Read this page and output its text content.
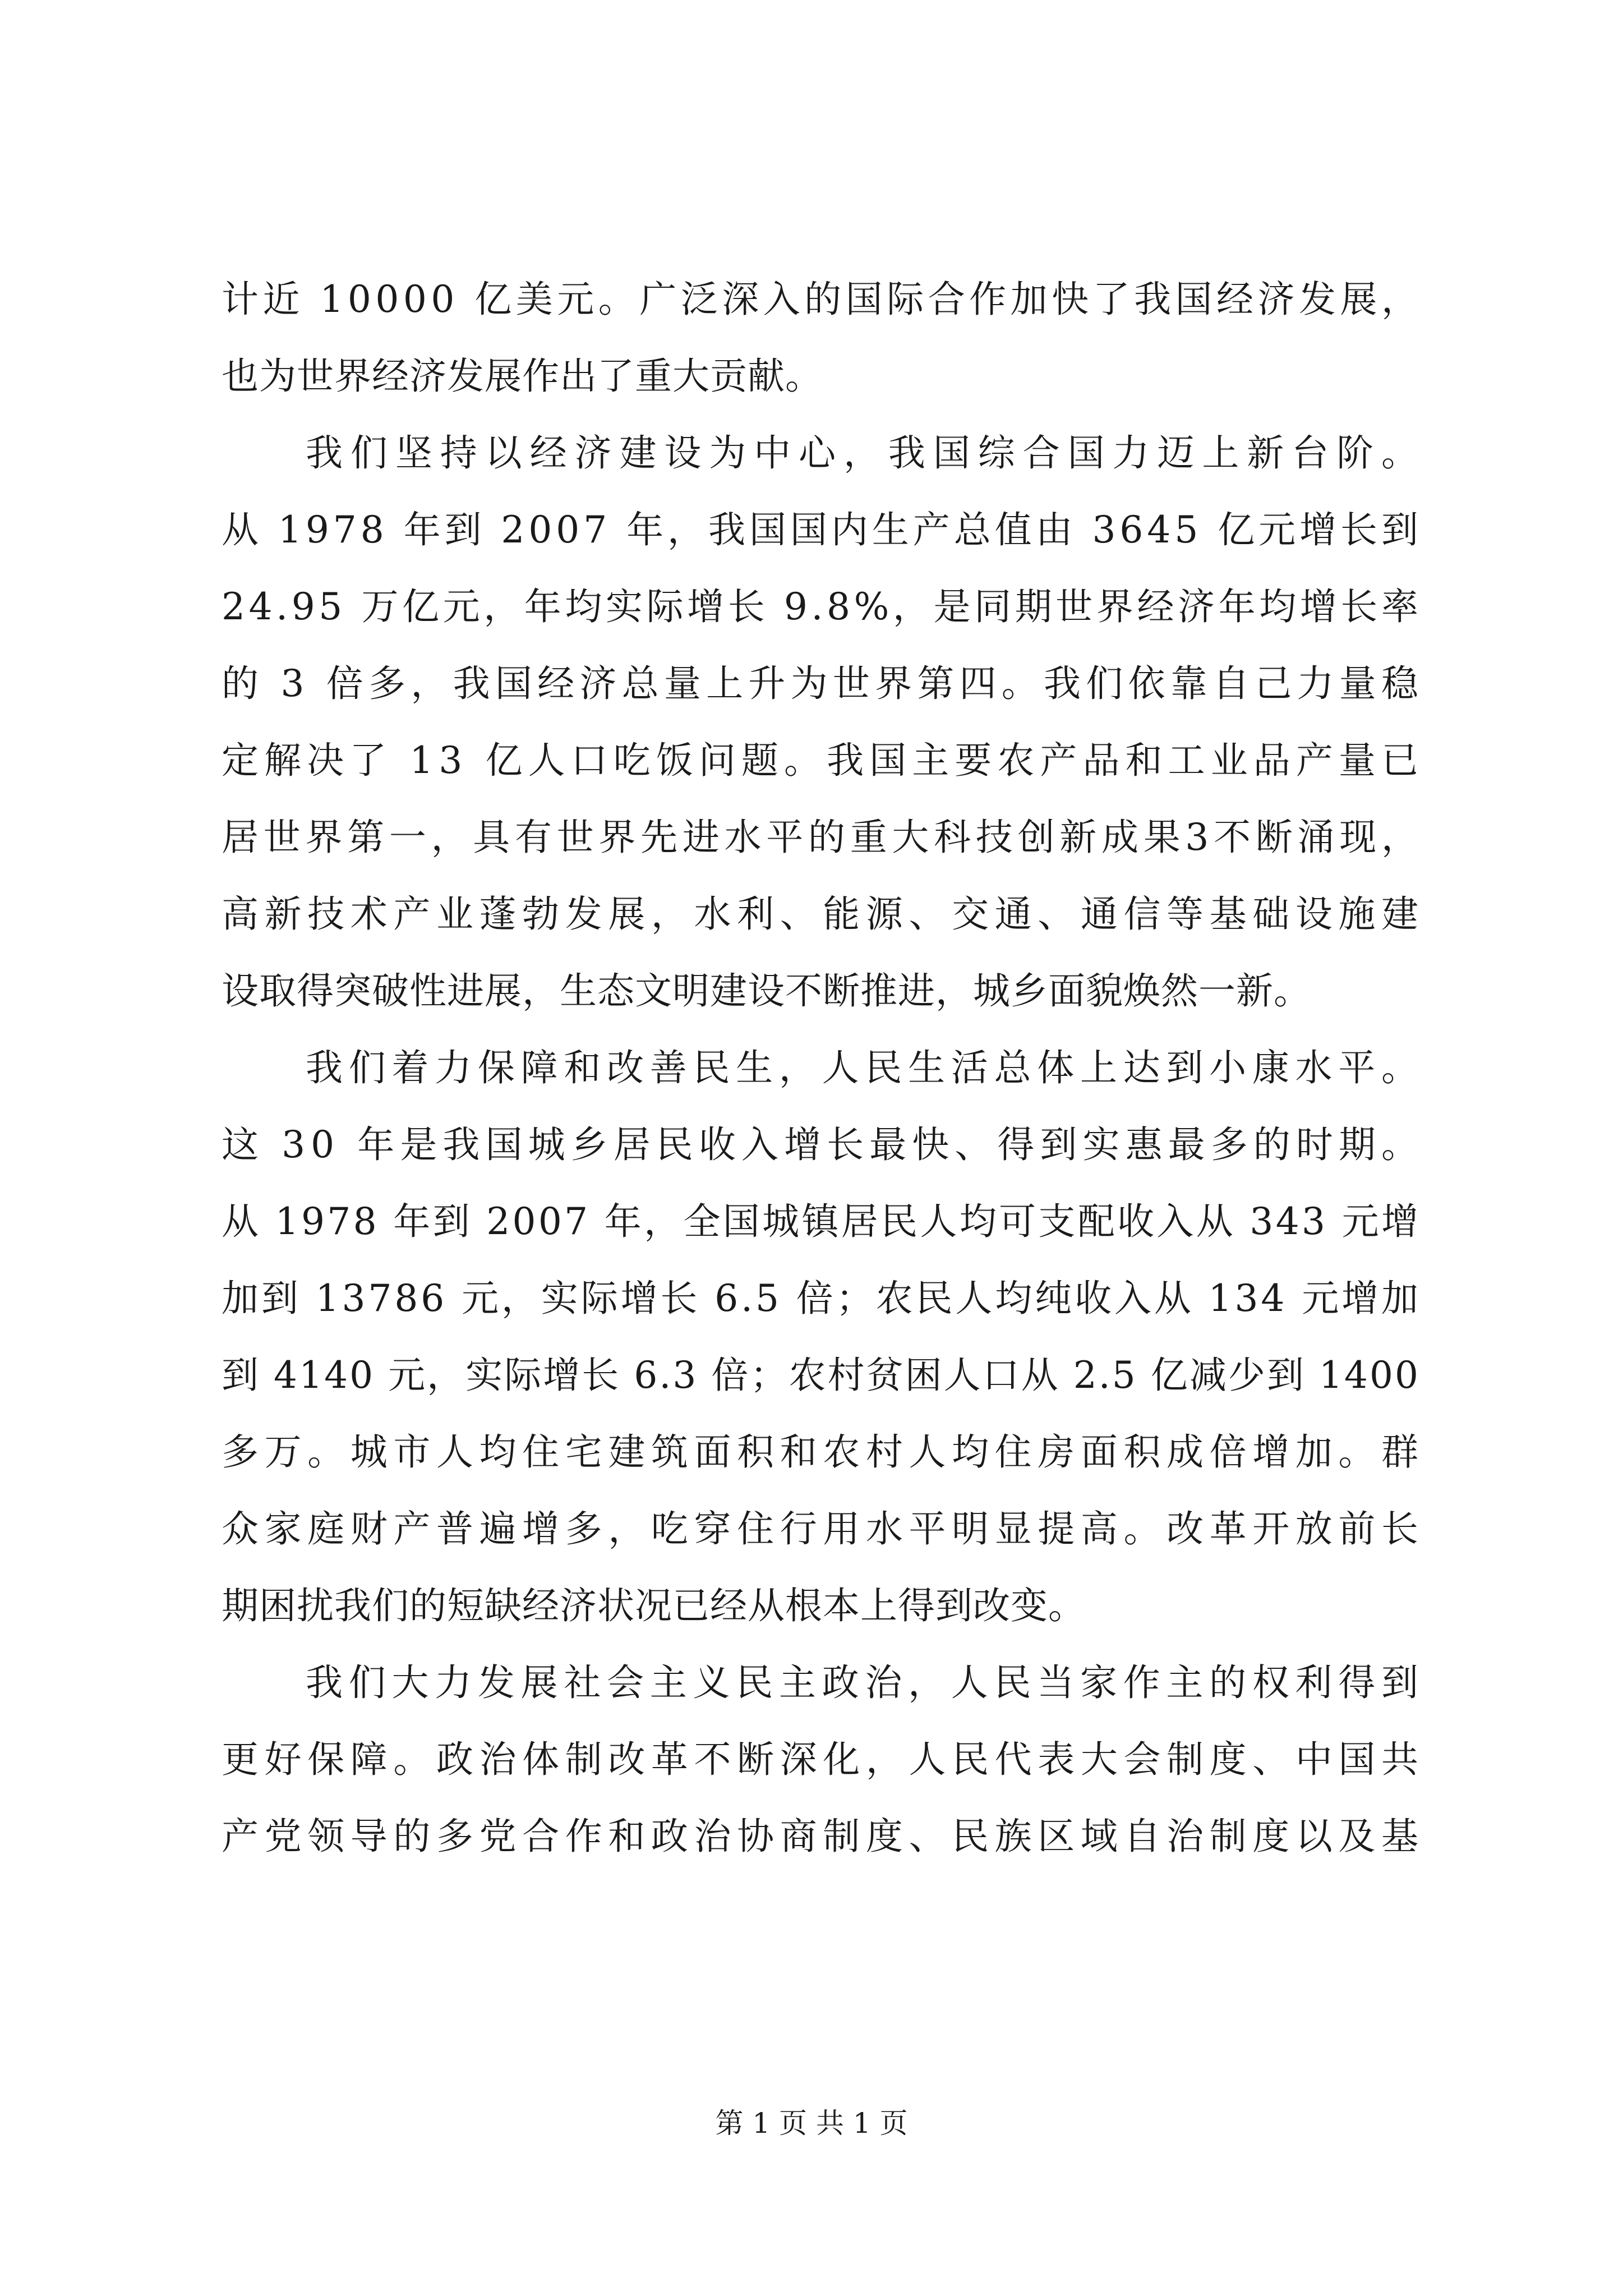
计近 10000 亿美元。广泛深入的国际合作加快了我国经济发展，
也为世界经济发展作出了重大贡献。
我们坚持以经济建设为中心，我国综合国力迈上新台阶。
从 1978 年到 2007 年，我国国内生产总值由 3645 亿元增长到
24.95 万亿元，年均实际增长 9.8%，是同期世界经济年均增长率
的 3 倍多，我国经济总量上升为世界第四。我们依靠自己力量稳
定解决了 13 亿人口吃饭问题。我国主要农产品和工业品产量已
居世界第一，具有世界先进水平的重大科技创新成果3不断涌现，
高新技术产业蓬勃发展，水利、能源、交通、通信等基础设施建
设取得突破性进展，生态文明建设不断推进，城乡面貌焕然一新。
我们着力保障和改善民生，人民生活总体上达到小康水平。
这 30 年是我国城乡居民收入增长最快、得到实惠最多的时期。
从 1978 年到 2007 年，全国城镇居民人均可支配收入从 343 元增
加到 13786 元，实际增长 6.5 倍；农民人均纯收入从 134 元增加
到 4140 元，实际增长 6.3 倍；农村贫困人口从 2.5 亿减少到 1400
多万。城市人均住宅建筑面积和农村人均住房面积成倍增加。群
众家庭财产普遍增多，吃穿住行用水平明显提高。改革开放前长
期困扰我们的短缺经济状况已经从根本上得到改变。
我们大力发展社会主义民主政治，人民当家作主的权利得到
更好保障。政治体制改革不断深化，人民代表大会制度、中国共
产党领导的多党合作和政治协商制度、民族区域自治制度以及基
第 1 页 共 1 页
